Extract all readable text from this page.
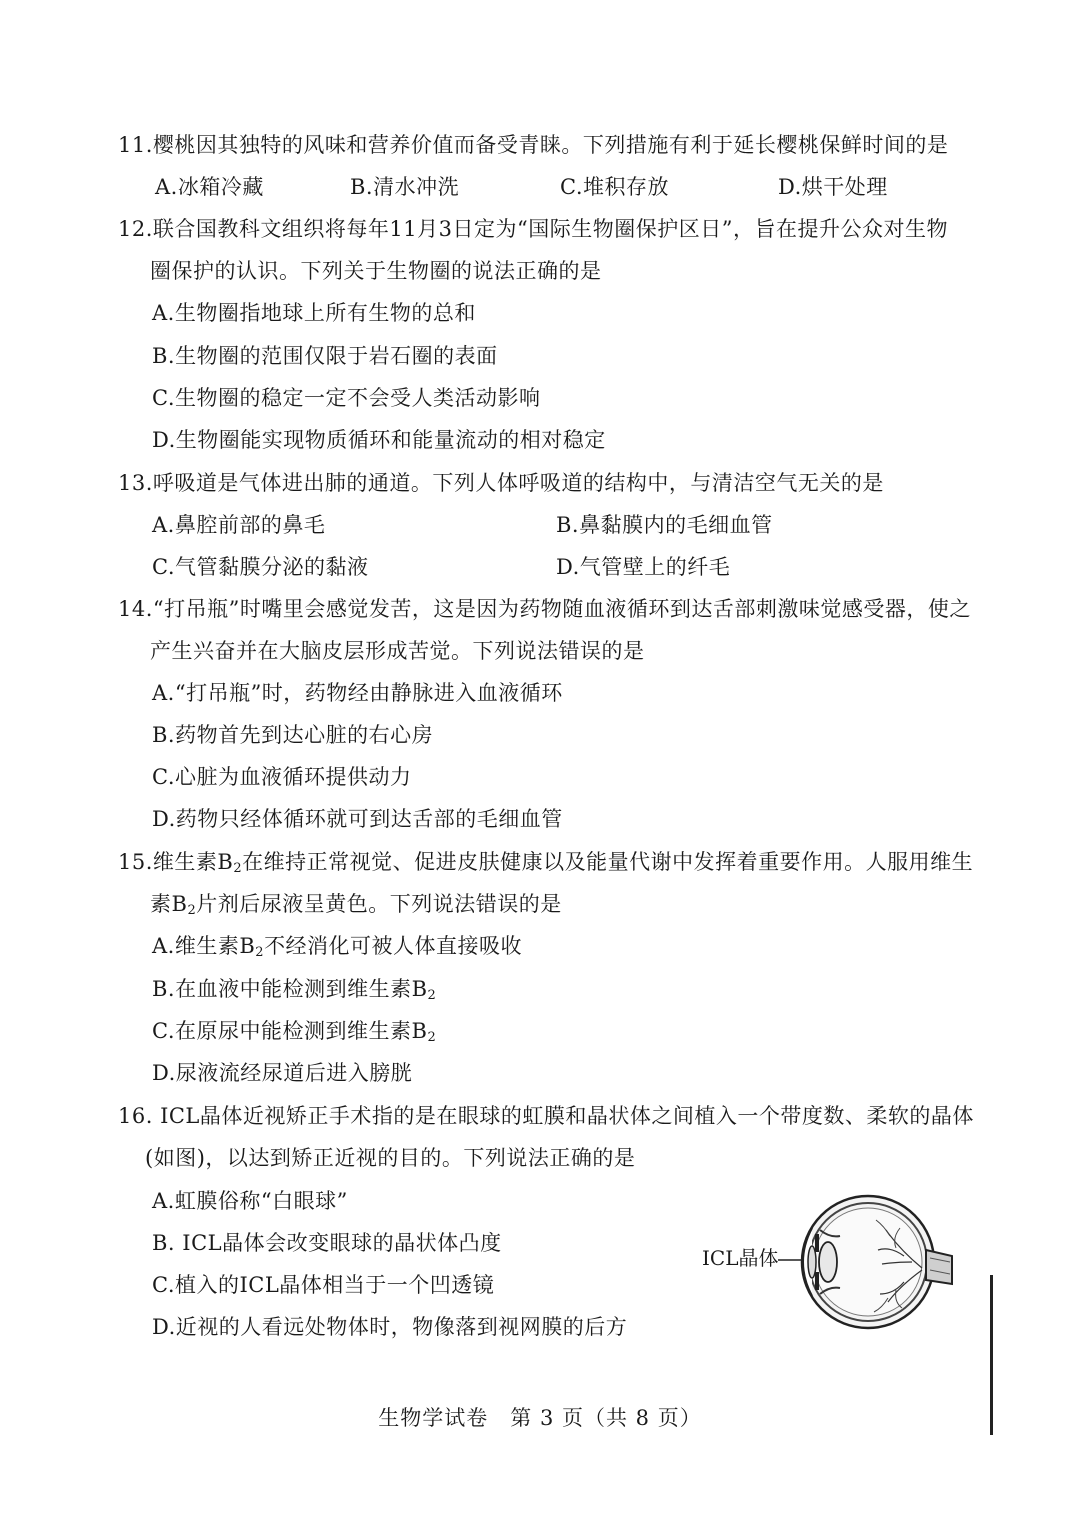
11.樱桃因其独特的风味和营养价值而备受青睐。下列措施有利于延长樱桃保鲜时间的是
A.冰箱冷藏	B.清水冲洗	C.堆积存放	D.烘干处理
12.联合国教科文组织将每年11月3日定为“国际生物圈保护区日”，旨在提升公众对生物
圈保护的认识。下列关于生物圈的说法正确的是
A.生物圈指地球上所有生物的总和
B.生物圈的范围仅限于岩石圈的表面
C.生物圈的稳定一定不会受人类活动影响
D.生物圈能实现物质循环和能量流动的相对稳定
13.呼吸道是气体进出肺的通道。下列人体呼吸道的结构中，与清洁空气无关的是
A.鼻腔前部的鼻毛	B.鼻黏膜内的毛细血管
C.气管黏膜分泌的黏液	D.气管壁上的纤毛
14.“打吊瓶”时嘴里会感觉发苦，这是因为药物随血液循环到达舌部刺激味觉感受器，使之
产生兴奋并在大脑皮层形成苦觉。下列说法错误的是
A.“打吊瓶”时，药物经由静脉进入血液循环
B.药物首先到达心脏的右心房
C.心脏为血液循环提供动力
D.药物只经体循环就可到达舌部的毛细血管
15.维生素$B_2$在维持正常视觉、促进皮肤健康以及能量代谢中发挥着重要作用。人服用维生
素$B_2$片剂后尿液呈黄色。下列说法错误的是
A.维生素$B_2$不经消化可被人体直接吸收
B.在血液中能检测到维生素$B_2$
C.在原尿中能检测到维生素$B_2$
D.尿液流经尿道后进入膀胱
16. ICL晶体近视矫正手术指的是在眼球的虹膜和晶状体之间植入一个带度数、柔软的晶体
(如图)，以达到矫正近视的目的。下列说法正确的是
A.虹膜俗称“白眼球”
B. ICL晶体会改变眼球的晶状体凸度
C.植入的ICL晶体相当于一个凹透镜
D.近视的人看远处物体时，物像落到视网膜的后方
ICL晶体
生物学试卷　第 3 页（共 8 页）
